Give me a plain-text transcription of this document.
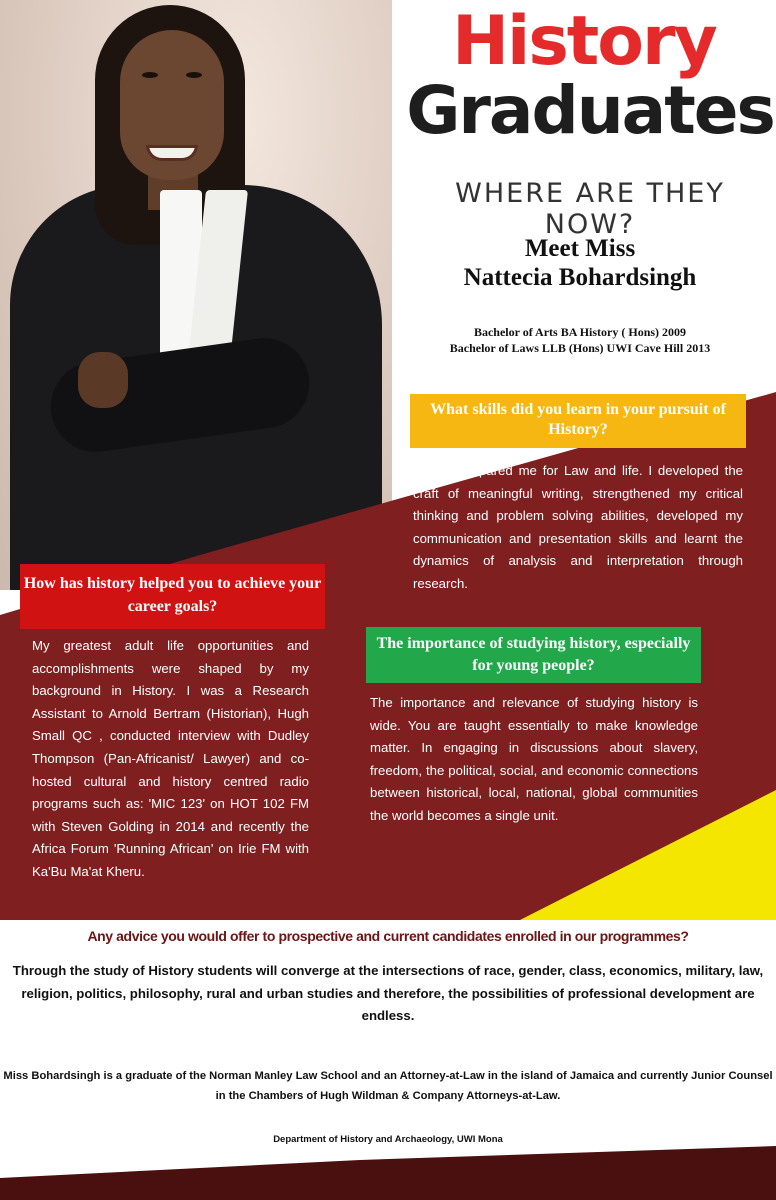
History
Graduates
WHERE ARE THEY NOW?
Meet Miss
Nattecia Bohardsingh
Bachelor of Arts BA History ( Hons) 2009
Bachelor of Laws LLB (Hons) UWI Cave Hill 2013
What skills did you learn in your pursuit of History?
History prepared me for Law and life. I developed the craft of meaningful writing, strengthened my critical thinking and problem solving abilities, developed my communication and presentation skills and learnt the dynamics of analysis and interpretation through research.
How has history helped you to achieve your career goals?
My greatest adult life opportunities and accomplishments were shaped by my background in History. I was a Research Assistant to Arnold Bertram (Historian), Hugh Small QC , conducted interview with Dudley Thompson (Pan-Africanist/ Lawyer) and co-hosted cultural and history centred radio programs such as: 'MIC 123' on HOT 102 FM with Steven Golding in 2014 and recently the Africa Forum 'Running African' on Irie FM with Ka'Bu Ma'at Kheru.
The importance of studying history, especially for young people?
The importance and relevance of studying history is wide. You are taught essentially to make knowledge matter. In engaging in discussions about slavery, freedom, the political, social, and economic connections between historical, local, national, global communities the world becomes a single unit.
Any advice you would offer to prospective and current candidates enrolled in our programmes?
Through the study of History students will converge at the intersections of race, gender, class, economics, military, law, religion, politics, philosophy, rural and urban studies and therefore, the possibilities of professional development are endless.
Miss Bohardsingh is a graduate of the Norman Manley Law School and an Attorney-at-Law in the island of Jamaica and currently Junior Counsel in the Chambers of Hugh Wildman & Company Attorneys-at-Law.
Department of History and Archaeology, UWI Mona
